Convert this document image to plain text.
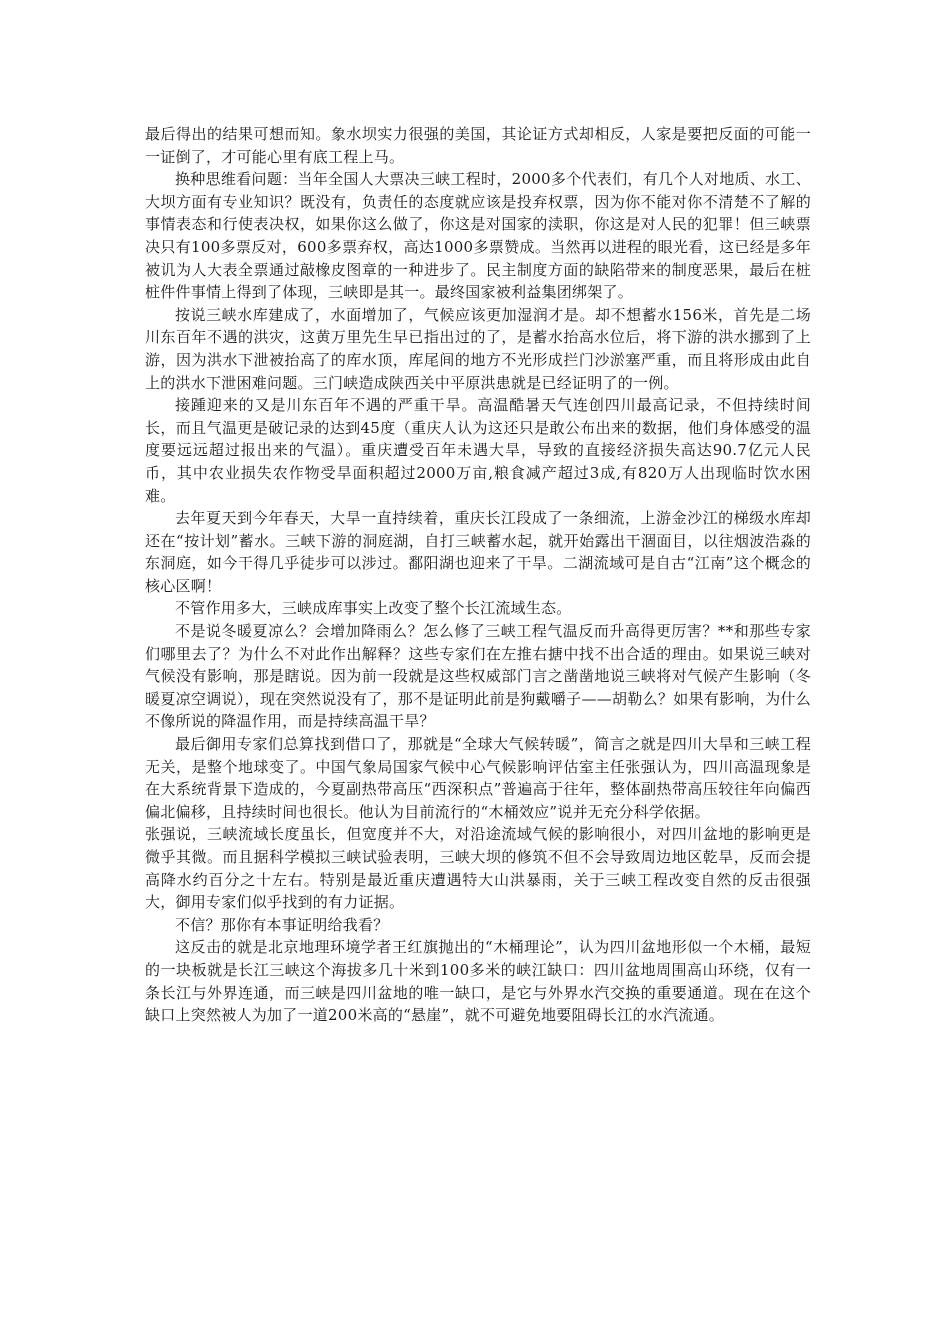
最后得出的结果可想而知。象水坝实力很强的美国，其论证方式却相反，人家是要把反面的可能一一证倒了，才可能心里有底工程上马。

换种思维看问题：当年全国人大票决三峡工程时，2000多个代表们，有几个人对地质、水工、大坝方面有专业知识？既没有，负责任的态度就应该是投弃权票，因为你不能对你不清楚不了解的事情表态和行使表决权，如果你这么做了，你这是对国家的渎职，你这是对人民的犯罪！但三峡票决只有100多票反对，600多票弃权，高达1000多票赞成。当然再以进程的眼光看，这已经是多年被讥为人大表全票通过敲橡皮图章的一种进步了。民主制度方面的缺陷带来的制度恶果，最后在桩桩件件事情上得到了体现，三峡即是其一。最终国家被利益集团绑架了。

按说三峡水库建成了，水面增加了，气候应该更加湿润才是。却不想蓄水156米，首先是二场川东百年不遇的洪灾，这黄万里先生早已指出过的了，是蓄水抬高水位后，将下游的洪水挪到了上游，因为洪水下泄被抬高了的库水顶，库尾间的地方不光形成拦门沙淤塞严重，而且将形成由此自上的洪水下泄困难问题。三门峡造成陕西关中平原洪患就是已经证明了的一例。

接踵迎来的又是川东百年不遇的严重干旱。高温酷暑天气连创四川最高记录，不但持续时间长，而且气温更是破记录的达到45度（重庆人认为这还只是敢公布出来的数据，他们身体感受的温度要远远超过报出来的气温）。重庆遭受百年未遇大旱，导致的直接经济损失高达90.7亿元人民币，其中农业损失农作物受旱面积超过2000万亩,粮食减产超过3成,有820万人出现临时饮水困难。

去年夏天到今年春天，大旱一直持续着，重庆长江段成了一条细流，上游金沙江的梯级水库却还在“按计划”蓄水。三峡下游的洞庭湖，自打三峡蓄水起，就开始露出干涸面目，以往烟波浩淼的东洞庭，如今干得几乎徒步可以涉过。鄱阳湖也迎来了干旱。二湖流域可是自古“江南”这个概念的核心区啊！

不管作用多大，三峡成库事实上改变了整个长江流域生态。

不是说冬暖夏凉么？会增加降雨么？怎么修了三峡工程气温反而升高得更厉害？**和那些专家们哪里去了？为什么不对此作出解释？这些专家们在左推右搪中找不出合适的理由。如果说三峡对气候没有影响，那是瞎说。因为前一段就是这些权威部门言之凿凿地说三峡将对气候产生影响（冬暖夏凉空调说），现在突然说没有了，那不是证明此前是狗戴嚼子——胡勒么？如果有影响，为什么不像所说的降温作用，而是持续高温干旱？

最后御用专家们总算找到借口了，那就是“全球大气候转暖”，简言之就是四川大旱和三峡工程无关，是整个地球变了。中国气象局国家气候中心气候影响评估室主任张强认为，四川高温现象是在大系统背景下造成的，今夏副热带高压“西深积点”普遍高于往年，整体副热带高压较往年向偏西偏北偏移，且持续时间也很长。他认为目前流行的“木桶效应”说并无充分科学依据。

张强说，三峡流域长度虽长，但宽度并不大，对沿途流域气候的影响很小，对四川盆地的影响更是微乎其微。而且据科学模拟三峡试验表明，三峡大坝的修筑不但不会导致周边地区乾旱，反而会提高降水约百分之十左右。特别是最近重庆遭遇特大山洪暴雨，关于三峡工程改变自然的反击很强大，御用专家们似乎找到的有力证据。

不信？那你有本事证明给我看？

这反击的就是北京地理环境学者王红旗抛出的“木桶理论”，认为四川盆地形似一个木桶，最短的一块板就是长江三峡这个海拔多几十米到100多米的峡江缺口：四川盆地周围高山环绕，仅有一条长江与外界连通，而三峡是四川盆地的唯一缺口，是它与外界水汽交换的重要通道。现在在这个缺口上突然被人为加了一道200米高的“悬崖”，就不可避免地要阻碍长江的水汽流通。
